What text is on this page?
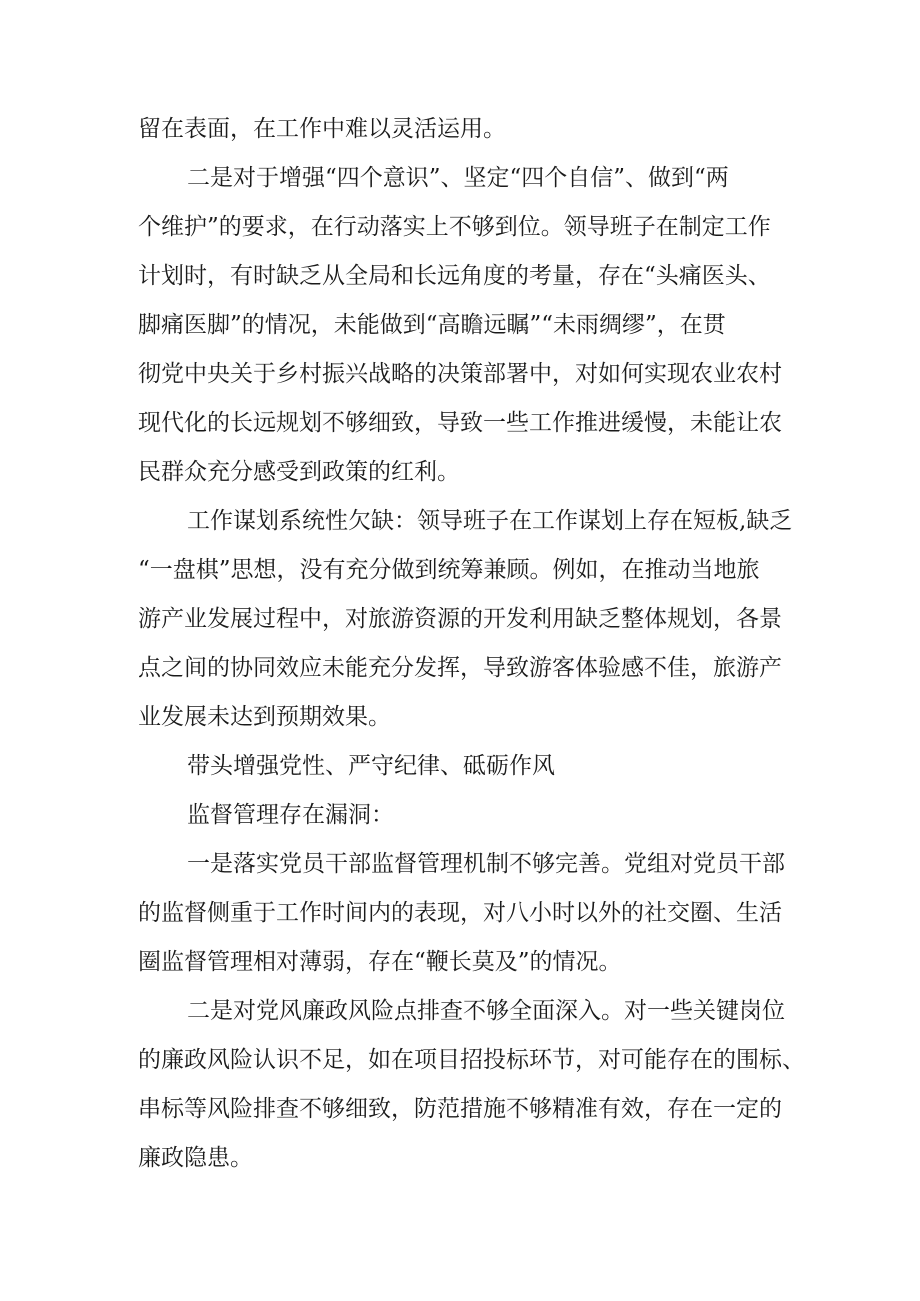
留在表面，在工作中难以灵活运用。
二是对于增强“四个意识”、坚定“四个自信”、做到“两
个维护”的要求，在行动落实上不够到位。领导班子在制定工作
计划时，有时缺乏从全局和长远角度的考量，存在“头痛医头、
脚痛医脚”的情况，未能做到“高瞻远瞩”“未雨绸缪”，在贯
彻党中央关于乡村振兴战略的决策部署中，对如何实现农业农村
现代化的长远规划不够细致，导致一些工作推进缓慢，未能让农
民群众充分感受到政策的红利。
工作谋划系统性欠缺：领导班子在工作谋划上存在短板,缺乏
“一盘棋”思想，没有充分做到统筹兼顾。例如，在推动当地旅
游产业发展过程中，对旅游资源的开发利用缺乏整体规划，各景
点之间的协同效应未能充分发挥，导致游客体验感不佳，旅游产
业发展未达到预期效果。
带头增强党性、严守纪律、砥砺作风
监督管理存在漏洞：
一是落实党员干部监督管理机制不够完善。党组对党员干部
的监督侧重于工作时间内的表现，对八小时以外的社交圈、生活
圈监督管理相对薄弱，存在“鞭长莫及”的情况。
二是对党风廉政风险点排查不够全面深入。对一些关键岗位
的廉政风险认识不足，如在项目招投标环节，对可能存在的围标、
串标等风险排查不够细致，防范措施不够精准有效，存在一定的
廉政隐患。
